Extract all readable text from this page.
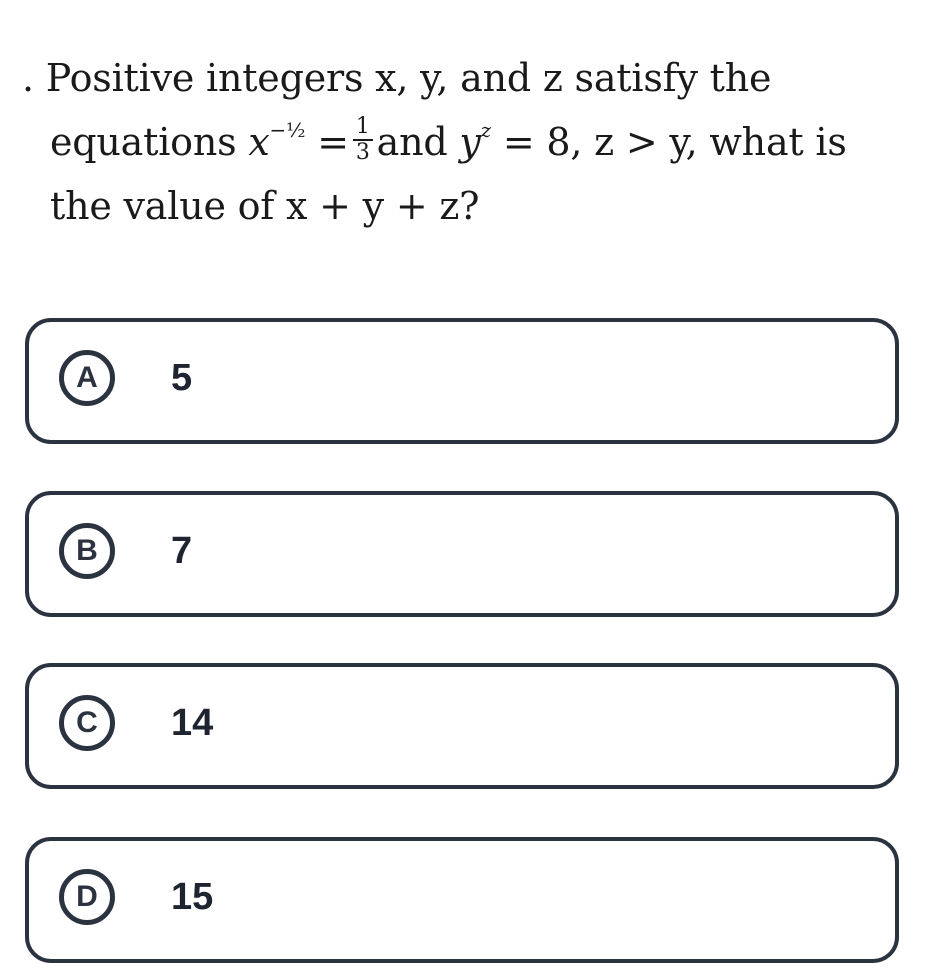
. Positive integers x, y, and z satisfy the
equations $x^{-\frac{1}{2}} = \frac{1}{3}$ and $y^z = 8$, z > y, what is
the value of x + y + z?
A	5
B	7
C	14
D	15
